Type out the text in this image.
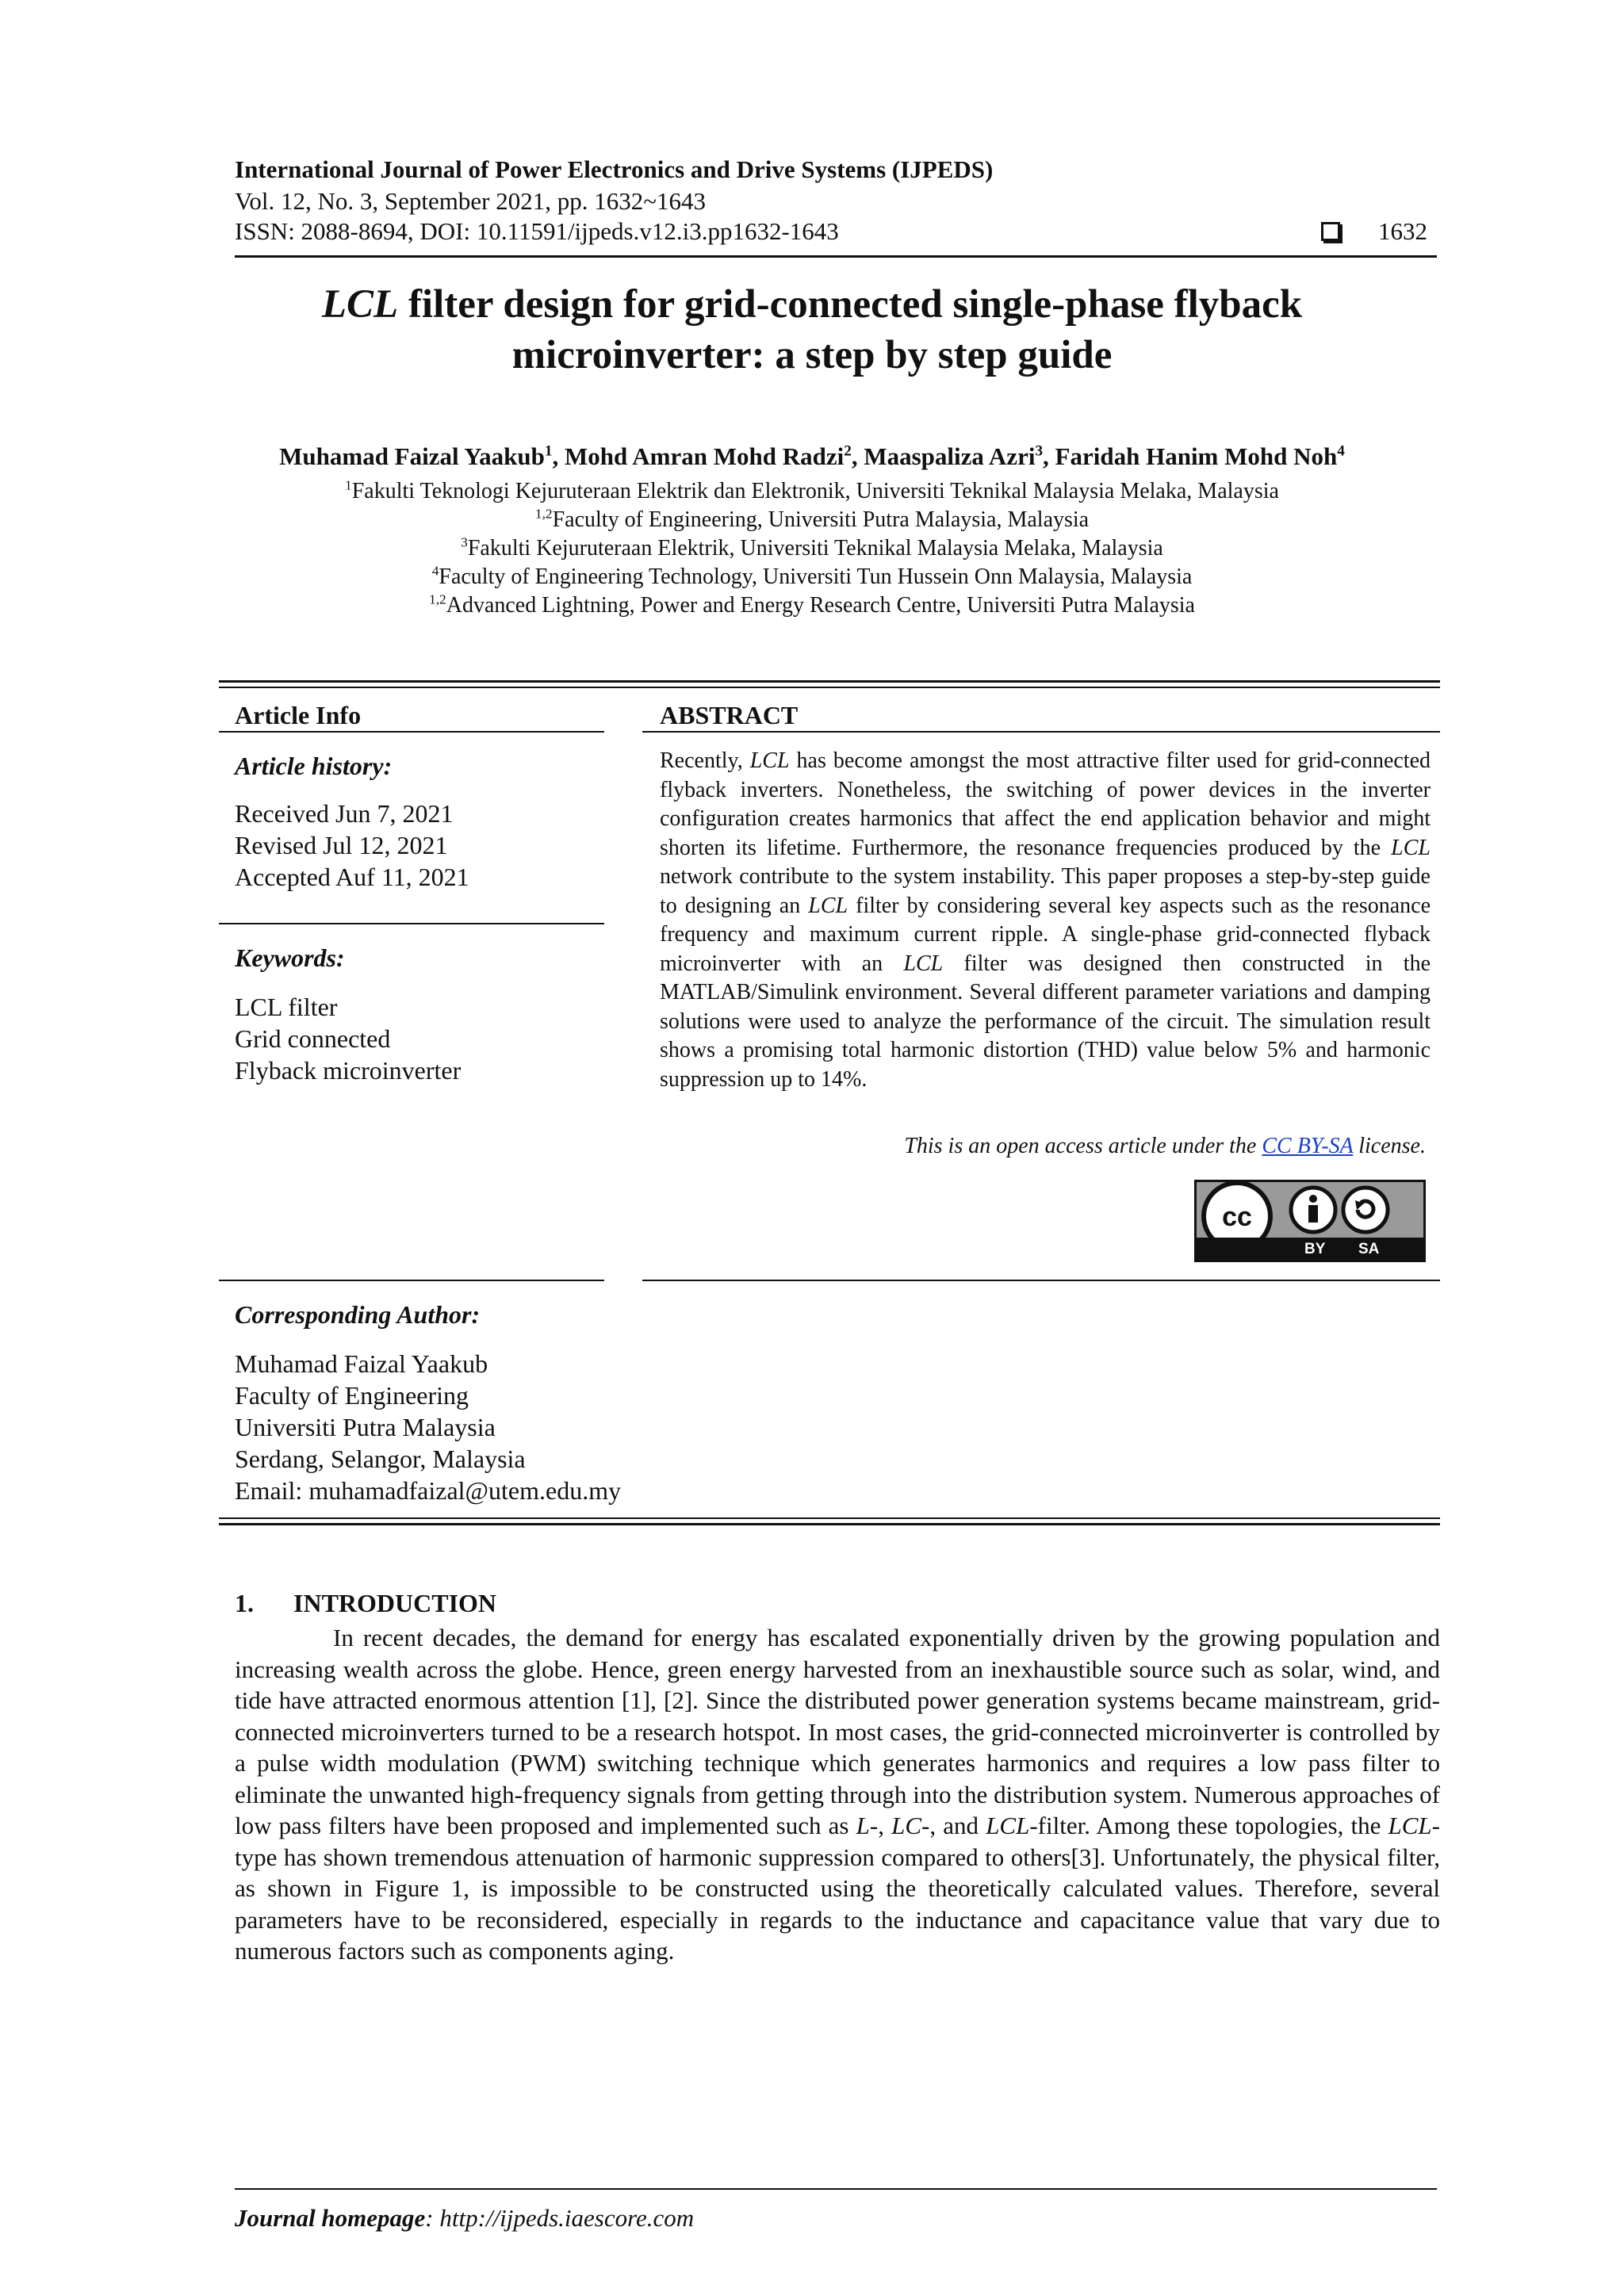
International Journal of Power Electronics and Drive Systems (IJPEDS)
Vol. 12, No. 3, September 2021, pp. 1632~1643
ISSN: 2088-8694, DOI: 10.11591/ijpeds.v12.i3.pp1632-1643	1632
LCL filter design for grid-connected single-phase flyback
microinverter: a step by step guide
Muhamad Faizal Yaakub$^1$, Mohd Amran Mohd Radzi$^2$, Maaspaliza Azri$^3$, Faridah Hanim Mohd Noh$^4$
$^1$Fakulti Teknologi Kejuruteraan Elektrik dan Elektronik, Universiti Teknikal Malaysia Melaka, Malaysia
$^{1,2}$Faculty of Engineering, Universiti Putra Malaysia, Malaysia
$^3$Fakulti Kejuruteraan Elektrik, Universiti Teknikal Malaysia Melaka, Malaysia
$^4$Faculty of Engineering Technology, Universiti Tun Hussein Onn Malaysia, Malaysia
$^{1,2}$Advanced Lightning, Power and Energy Research Centre, Universiti Putra Malaysia
Article Info
Article history:
Received Jun 7, 2021
Revised Jul 12, 2021
Accepted Auf 11, 2021
Keywords:
LCL filter
Grid connected
Flyback microinverter
ABSTRACT
Recently, LCL has become amongst the most attractive filter used for grid-connected flyback inverters. Nonetheless, the switching of power devices in the inverter configuration creates harmonics that affect the end application behavior and might shorten its lifetime. Furthermore, the resonance frequencies produced by the LCL network contribute to the system instability. This paper proposes a step-by-step guide to designing an LCL filter by considering several key aspects such as the resonance frequency and maximum current ripple. A single-phase grid-connected flyback microinverter with an LCL filter was designed then constructed in the MATLAB/Simulink environment. Several different parameter variations and damping solutions were used to analyze the performance of the circuit. The simulation result shows a promising total harmonic distortion (THD) value below 5% and harmonic suppression up to 14%.
This is an open access article under the CC BY-SA license.
cc
BY SA
Corresponding Author:
Muhamad Faizal Yaakub
Faculty of Engineering
Universiti Putra Malaysia
Serdang, Selangor, Malaysia
Email: muhamadfaizal@utem.edu.my
1. INTRODUCTION
In recent decades, the demand for energy has escalated exponentially driven by the growing population and increasing wealth across the globe. Hence, green energy harvested from an inexhaustible source such as solar, wind, and tide have attracted enormous attention [1], [2]. Since the distributed power generation systems became mainstream, grid-connected microinverters turned to be a research hotspot. In most cases, the grid-connected microinverter is controlled by a pulse width modulation (PWM) switching technique which generates harmonics and requires a low pass filter to eliminate the unwanted high-frequency signals from getting through into the distribution system. Numerous approaches of low pass filters have been proposed and implemented such as L-, LC-, and LCL-filter. Among these topologies, the LCL- type has shown tremendous attenuation of harmonic suppression compared to others[3]. Unfortunately, the physical filter, as shown in Figure 1, is impossible to be constructed using the theoretically calculated values. Therefore, several parameters have to be reconsidered, especially in regards to the inductance and capacitance value that vary due to numerous factors such as components aging.
Journal homepage: http://ijpeds.iaescore.com
